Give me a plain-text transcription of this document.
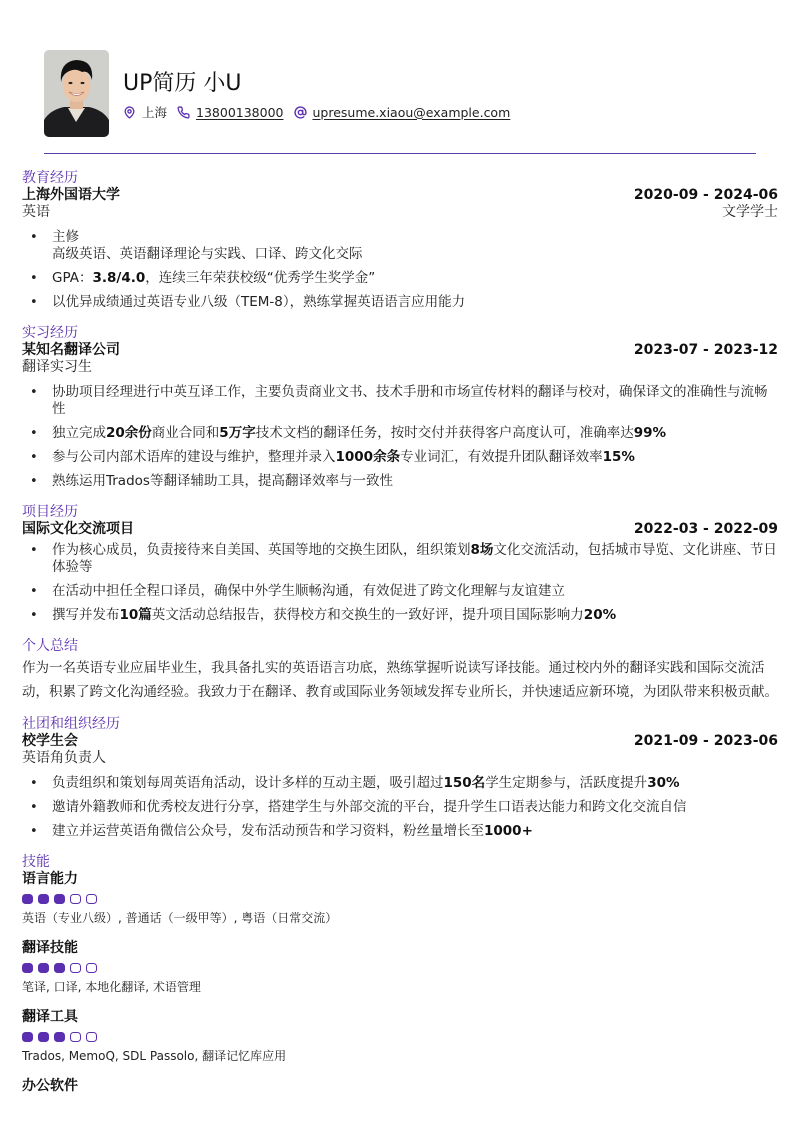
UP简历 小U
上海 13800138000 upresume.xiaou@example.com
教育经历
上海外国语大学	2020-09 - 2024-06
英语	文学学士
• 主修
高级英语、英语翻译理论与实践、口译、跨文化交际
• GPA：3.8/4.0，连续三年荣获校级“优秀学生奖学金”
• 以优异成绩通过英语专业八级（TEM-8），熟练掌握英语语言应用能力
实习经历
某知名翻译公司	2023-07 - 2023-12
翻译实习生
• 协助项目经理进行中英互译工作，主要负责商业文书、技术手册和市场宣传材料的翻译与校对，确保译文的准确性与流畅性
• 独立完成20余份商业合同和5万字技术文档的翻译任务，按时交付并获得客户高度认可，准确率达99%
• 参与公司内部术语库的建设与维护，整理并录入1000余条专业词汇，有效提升团队翻译效率15%
• 熟练运用Trados等翻译辅助工具，提高翻译效率与一致性
项目经历
国际文化交流项目	2022-03 - 2022-09
• 作为核心成员，负责接待来自美国、英国等地的交换生团队，组织策划8场文化交流活动，包括城市导览、文化讲座、节日体验等
• 在活动中担任全程口译员，确保中外学生顺畅沟通，有效促进了跨文化理解与友谊建立
• 撰写并发布10篇英文活动总结报告，获得校方和交换生的一致好评，提升项目国际影响力20%
个人总结
作为一名英语专业应届毕业生，我具备扎实的英语语言功底，熟练掌握听说读写译技能。通过校内外的翻译实践和国际交流活动，积累了跨文化沟通经验。我致力于在翻译、教育或国际业务领域发挥专业所长，并快速适应新环境，为团队带来积极贡献。
社团和组织经历
校学生会	2021-09 - 2023-06
英语角负责人
• 负责组织和策划每周英语角活动，设计多样的互动主题，吸引超过150名学生定期参与，活跃度提升30%
• 邀请外籍教师和优秀校友进行分享，搭建学生与外部交流的平台，提升学生口语表达能力和跨文化交流自信
• 建立并运营英语角微信公众号，发布活动预告和学习资料，粉丝量增长至1000+
技能
语言能力
英语（专业八级）, 普通话（一级甲等）, 粤语（日常交流）
翻译技能
笔译, 口译, 本地化翻译, 术语管理
翻译工具
Trados, MemoQ, SDL Passolo, 翻译记忆库应用
办公软件
